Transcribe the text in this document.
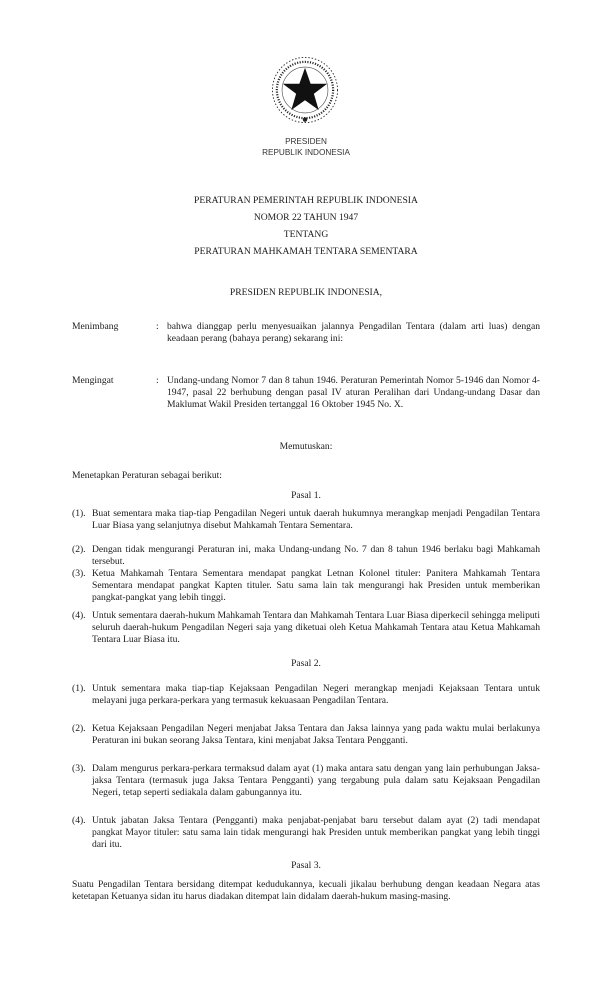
PRESIDEN
REPUBLIK INDONESIA
PERATURAN PEMERINTAH REPUBLIK INDONESIA
NOMOR 22 TAHUN 1947
TENTANG
PERATURAN MAHKAMAH TENTARA SEMENTARA
PRESIDEN REPUBLIK INDONESIA,
Menimbang	: bahwa dianggap perlu menyesuaikan jalannya Pengadilan Tentara (dalam arti luas) dengan keadaan perang (bahaya perang) sekarang ini:
Mengingat	: Undang-undang Nomor 7 dan 8 tahun 1946. Peraturan Pemerintah Nomor 5-1946 dan Nomor 4-1947, pasal 22 berhubung dengan pasal IV aturan Peralihan dari Undang-undang Dasar dan Maklumat Wakil Presiden tertanggal 16 Oktober 1945 No. X.
Memutuskan:
Menetapkan Peraturan sebagai berikut:
Pasal 1.
(1). Buat sementara maka tiap-tiap Pengadilan Negeri untuk daerah hukumnya merangkap menjadi Pengadilan Tentara Luar Biasa yang selanjutnya disebut Mahkamah Tentara Sementara.
(2). Dengan tidak mengurangi Peraturan ini, maka Undang-undang No. 7 dan 8 tahun 1946 berlaku bagi Mahkamah tersebut.
(3). Ketua Mahkamah Tentara Sementara mendapat pangkat Letnan Kolonel tituler: Panitera Mahkamah Tentara Sementara mendapat pangkat Kapten tituler. Satu sama lain tak mengurangi hak Presiden untuk memberikan pangkat-pangkat yang lebih tinggi.
(4). Untuk sementara daerah-hukum Mahkamah Tentara dan Mahkamah Tentara Luar Biasa diperkecil sehingga meliputi seluruh daerah-hukum Pengadilan Negeri saja yang diketuai oleh Ketua Mahkamah Tentara atau Ketua Mahkamah Tentara Luar Biasa itu.
Pasal 2.
(1). Untuk sementara maka tiap-tiap Kejaksaan Pengadilan Negeri merangkap menjadi Kejaksaan Tentara untuk melayani juga perkara-perkara yang termasuk kekuasaan Pengadilan Tentara.
(2). Ketua Kejaksaan Pengadilan Negeri menjabat Jaksa Tentara dan Jaksa lainnya yang pada waktu mulai berlakunya Peraturan ini bukan seorang Jaksa Tentara, kini menjabat Jaksa Tentara Pengganti.
(3). Dalam mengurus perkara-perkara termaksud dalam ayat (1) maka antara satu dengan yang lain perhubungan Jaksa-jaksa Tentara (termasuk juga Jaksa Tentara Pengganti) yang tergabung pula dalam satu Kejaksaan Pengadilan Negeri, tetap seperti sediakala dalam gabungannya itu.
(4). Untuk jabatan Jaksa Tentara (Pengganti) maka penjabat-penjabat baru tersebut dalam ayat (2) tadi mendapat pangkat Mayor tituler: satu sama lain tidak mengurangi hak Presiden untuk memberikan pangkat yang lebih tinggi dari itu.
Pasal 3.
Suatu Pengadilan Tentara bersidang ditempat kedudukannya, kecuali jikalau berhubung dengan keadaan Negara atas ketetapan Ketuanya sidan itu harus diadakan ditempat lain didalam daerah-hukum masing-masing.
